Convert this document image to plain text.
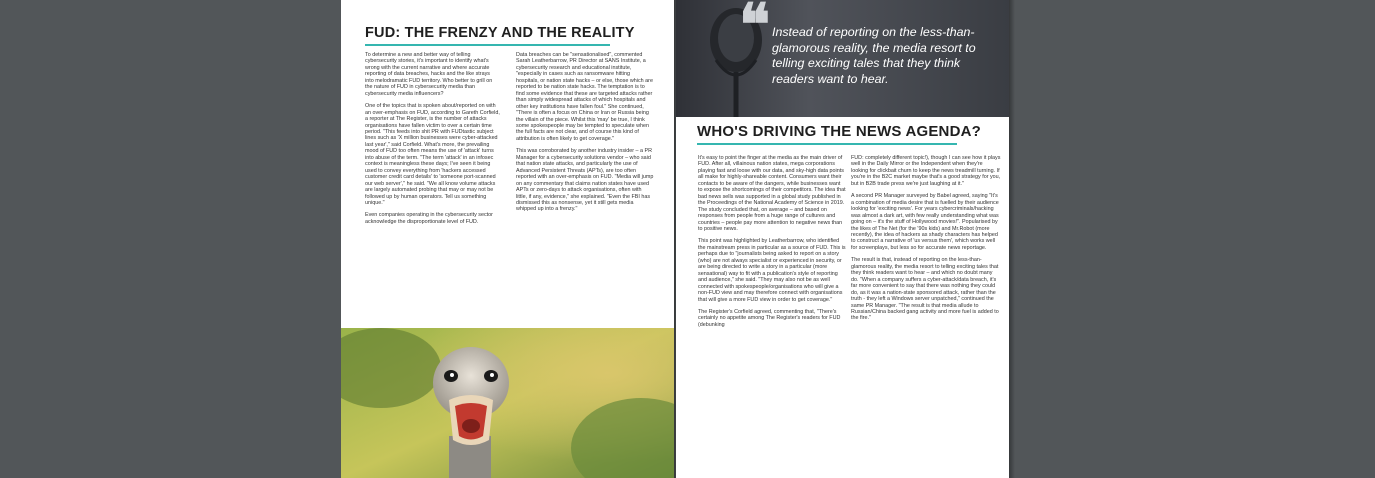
FUD: THE FRENZY AND THE REALITY

To determine a new and better way of telling cybersecurity stories, it's important to identify what's wrong with the current narrative and where accurate reporting of data breaches, hacks and the like strays into melodramatic FUD territory. Who better to grill on the nature of FUD in cybersecurity media than cybersecurity media influencers?

One of the topics that is spoken about/reported on with an over-emphasis on FUD, according to Gareth Corfield, a reporter at The Register, is the number of attacks organisations have fallen victim to over a certain time period. "This feeds into shit PR with FUDtastic subject lines such as 'X million businesses were cyber-attacked last year'," said Corfield. What's more, the prevailing mood of FUD too often means the use of 'attack' turns into abuse of the term. "The term 'attack' in an infosec context is meaningless these days; I've seen it being used to convey everything from 'hackers accessed customer credit card details' to 'someone port-scanned our web server'," he said. "We all know volume attacks are largely automated probing that may or may not be followed up by human operators. Tell us something unique."

Even companies operating in the cybersecurity sector acknowledge the disproportionate level of FUD.

Data breaches can be "sensationalised", commented Sarah Leatherbarrow, PR Director at SANS Institute, a cybersecurity research and educational institute, "especially in cases such as ransomware hitting hospitals, or nation state hacks – or else, those which are reported to be nation state hacks. The temptation is to find some evidence that these are targeted attacks rather than simply widespread attacks of which hospitals and other key institutions have fallen foul." She continued, "There is often a focus on China or Iran or Russia being the villain of the piece. Whilst this 'may' be true, I think some spokespeople may be tempted to speculate when the full facts are not clear, and of course this kind of attribution is often likely to get coverage."

This was corroborated by another industry insider – a PR Manager for a cybersecurity solutions vendor – who said that nation state attacks, and particularly the use of Advanced Persistent Threats (APTs), are too often reported with an over-emphasis on FUD. "Media will jump on any commentary that claims nation states have used APTs or zero-days to attack organisations, often with little, if any, evidence," she explained. "Even the FBI has dismissed this as nonsense, yet it still gets media whipped up into a frenzy."

❝ Instead of reporting on the less-than-glamorous reality, the media resort to telling exciting tales that they think readers want to hear.
WHO'S DRIVING THE NEWS AGENDA?

It's easy to point the finger at the media as the main driver of FUD. After all, villainous nation states, mega corporations playing fast and loose with our data, and sky-high data points all make for highly-shareable content. Consumers want their contacts to be aware of the dangers, while businesses want to expose the shortcomings of their competitors. The idea that bad news sells was supported in a global study published in the Proceedings of the National Academy of Science in 2019. The study concluded that, on average – and based on responses from people from a huge range of cultures and countries – people pay more attention to negative news than to positive news.

This point was highlighted by Leatherbarrow, who identified the mainstream press in particular as a source of FUD. This is perhaps due to "journalists being asked to report on a story (who) are not always specialist or experienced in security, or are being directed to write a story in a particular (more sensational) way to fit with a publication's style of reporting and audience," she said. "They may also not be as well connected with spokespeople/organisations who will give a non-FUD view and may therefore connect with organisations that will give a more FUD view in order to get coverage."

The Register's Corfield agreed, commenting that, "There's certainly no appetite among The Register's readers for FUD (debunking

FUD: completely different topic!), though I can see how it plays well in the Daily Mirror or the Independent when they're looking for clickbait churn to keep the news treadmill turning. If you're in the B2C market maybe that's a good strategy for you, but in B2B trade press we're just laughing at it."

A second PR Manager surveyed by Babel agreed, saying "It's a combination of media desire that is fuelled by their audience looking for 'exciting news'. For years cybercriminals/hacking was almost a dark art, with few really understanding what was going on – it's the stuff of Hollywood movies!". Popularised by the likes of The Net (for the '90s kids) and Mr.Robot (more recently), the idea of hackers as shady characters has helped to construct a narrative of 'us versus them', which works well for screenplays, but less so for accurate news reportage.

The result is that, instead of reporting on the less-than-glamorous reality, the media resort to telling exciting tales that they think readers want to hear – and which no doubt many do. "When a company suffers a cyber-attack/data breach, it's far more convenient to say that there was nothing they could do, as it was a nation-state sponsored attack, rather than the truth - they left a Windows server unpatched," continued the same PR Manager. "The result is that media allude to Russian/China backed gang activity and more fuel is added to the fire."
